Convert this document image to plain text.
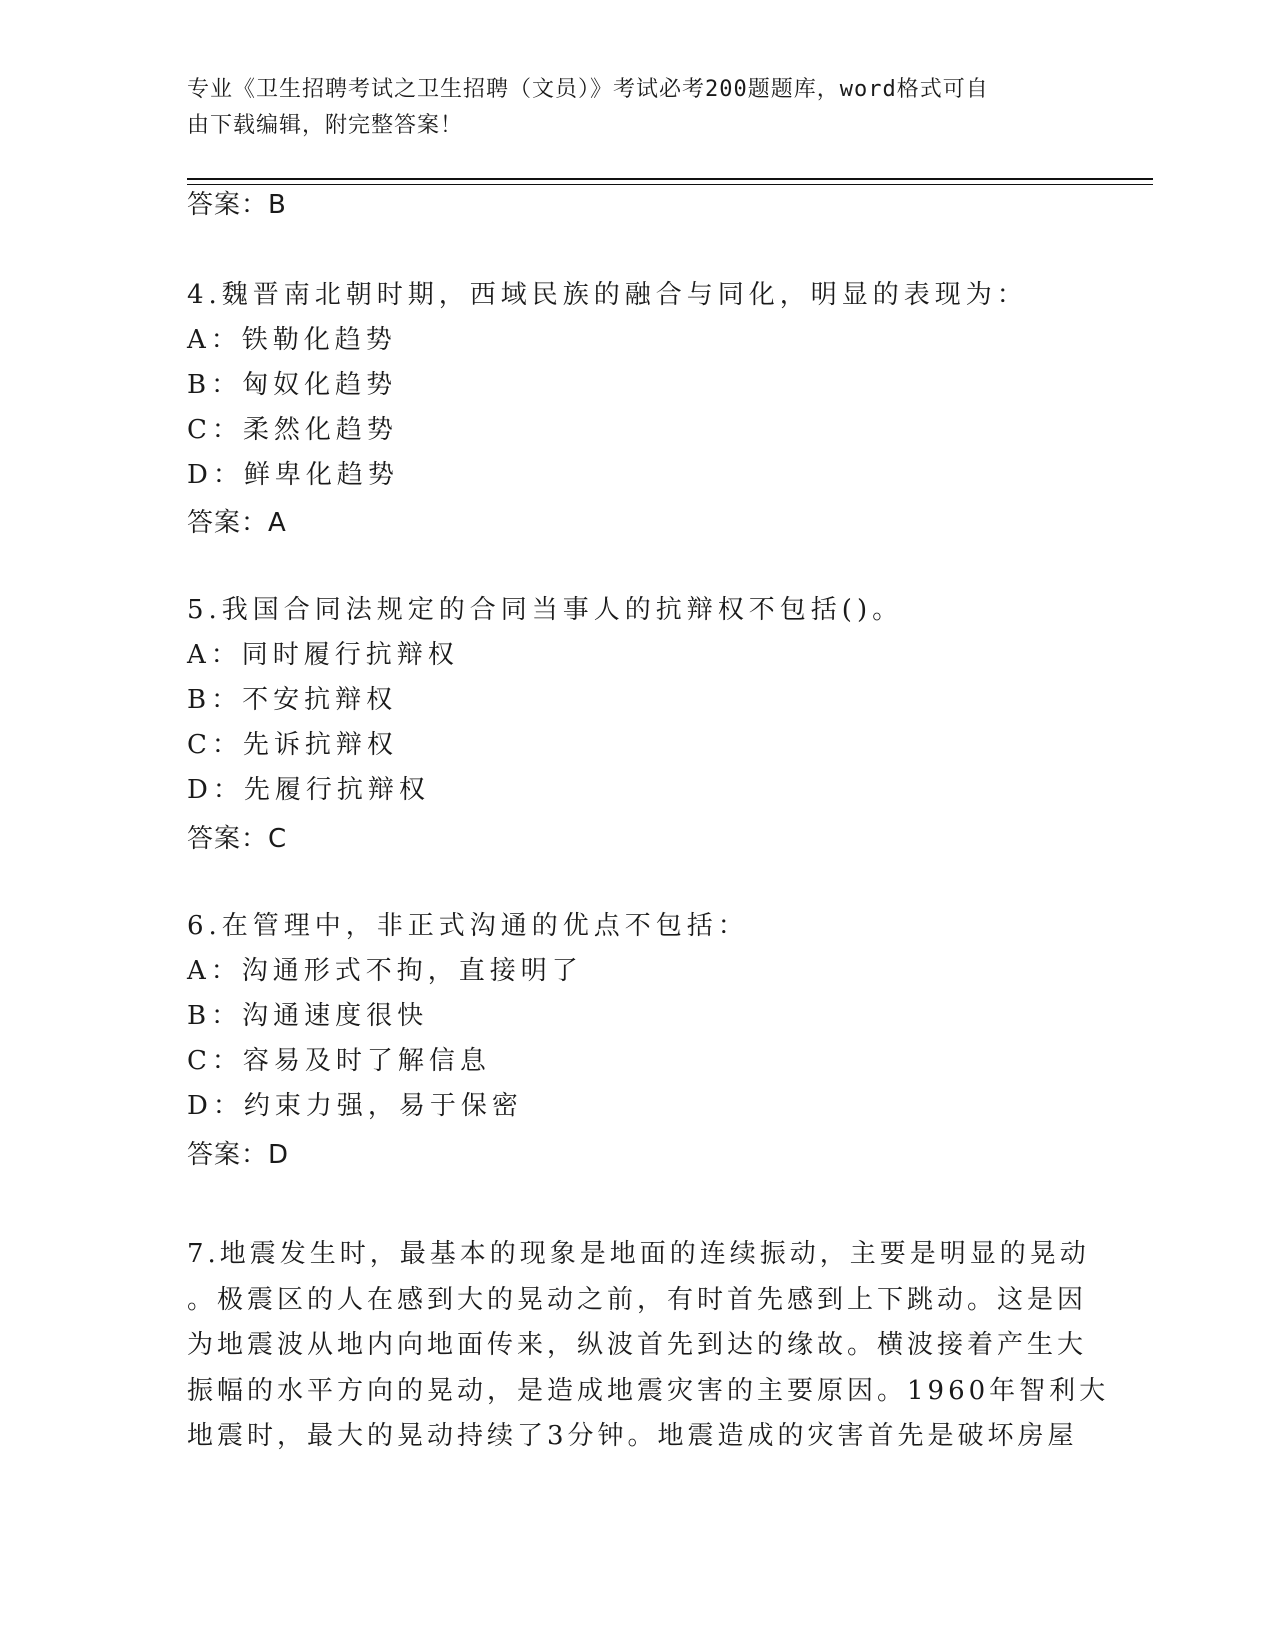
专业《卫生招聘考试之卫生招聘（文员）》考试必考200题题库，word格式可自
由下载编辑，附完整答案！
答案：B

4.魏晋南北朝时期，西域民族的融合与同化，明显的表现为：

A：铁勒化趋势

B：匈奴化趋势

C：柔然化趋势

D：鲜卑化趋势

答案：A

5.我国合同法规定的合同当事人的抗辩权不包括()。

A：同时履行抗辩权

B：不安抗辩权

C：先诉抗辩权

D：先履行抗辩权

答案：C

6.在管理中，非正式沟通的优点不包括：

A：沟通形式不拘，直接明了

B：沟通速度很快

C：容易及时了解信息

D：约束力强，易于保密

答案：D
7.地震发生时，最基本的现象是地面的连续振动，主要是明显的晃动
。极震区的人在感到大的晃动之前，有时首先感到上下跳动。这是因
为地震波从地内向地面传来，纵波首先到达的缘故。横波接着产生大
振幅的水平方向的晃动，是造成地震灾害的主要原因。1960年智利大
地震时，最大的晃动持续了3分钟。地震造成的灾害首先是破坏房屋
